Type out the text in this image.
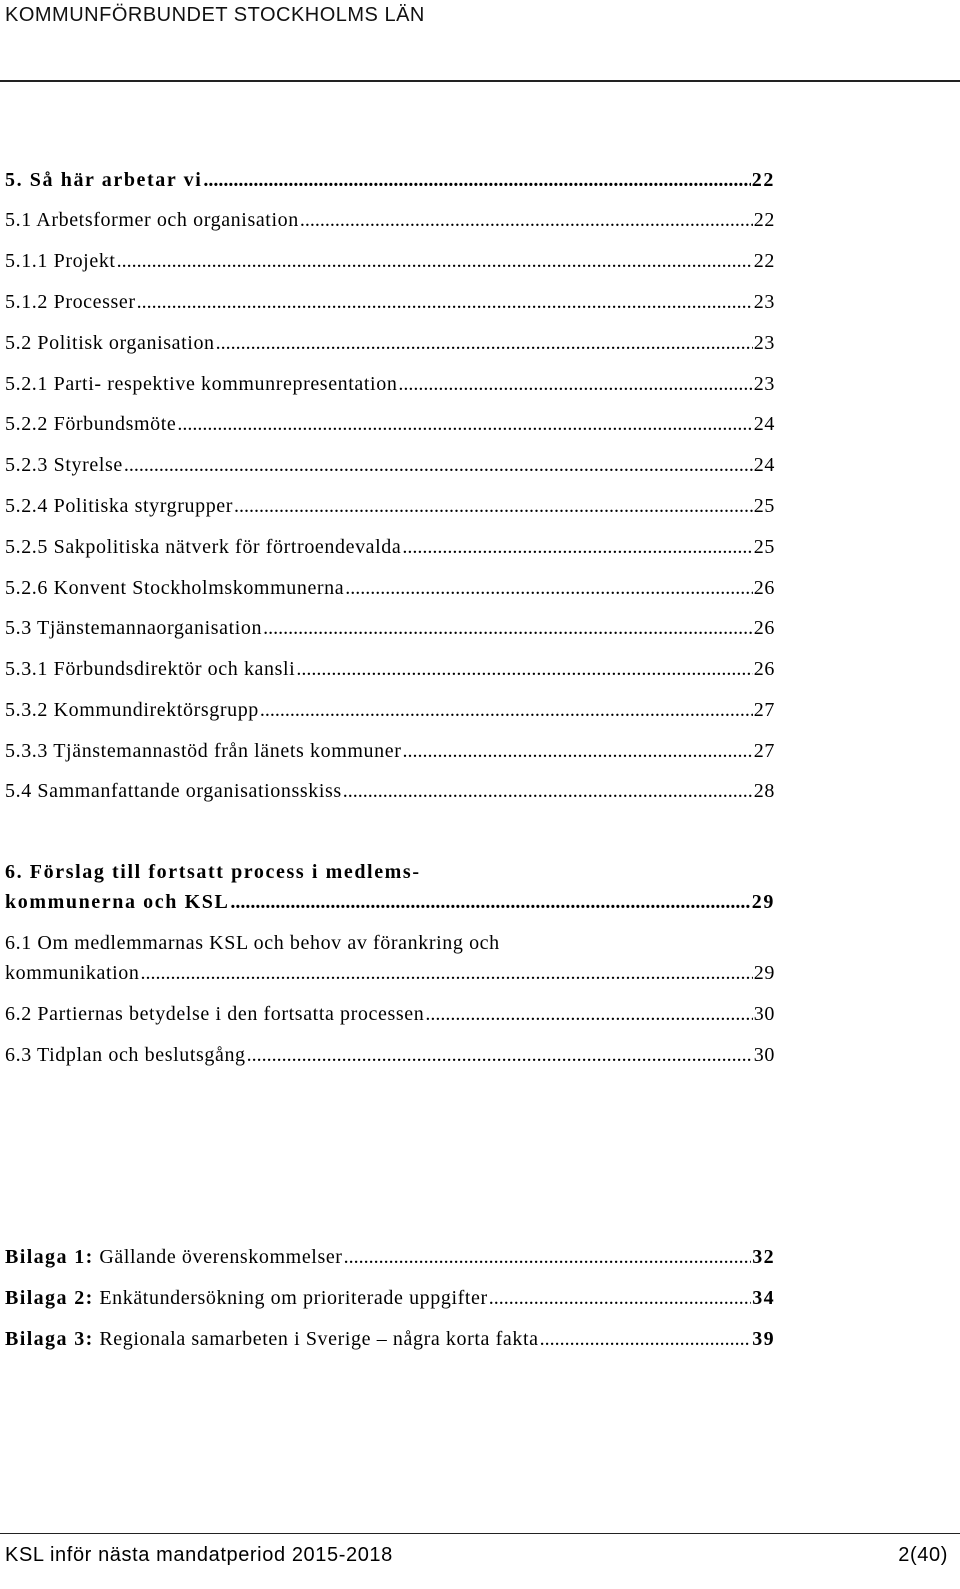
KOMMUNFÖRBUNDET STOCKHOLMS LÄN
5. Så här arbetar vi .....	22
5.1 Arbetsformer och organisation .....	22
5.1.1 Projekt .....	22
5.1.2 Processer .....	23
5.2 Politisk organisation .....	23
5.2.1 Parti- respektive kommunrepresentation .....	23
5.2.2 Förbundsmöte .....	24
5.2.3 Styrelse .....	24
5.2.4 Politiska styrgrupper .....	25
5.2.5 Sakpolitiska nätverk för förtroendevalda .....	25
5.2.6 Konvent Stockholmskommunerna .....	26
5.3 Tjänstemannaorganisation .....	26
5.3.1 Förbundsdirektör och kansli .....	26
5.3.2 Kommundirektörsgrupp .....	27
5.3.3 Tjänstemannastöd från länets kommuner .....	27
5.4 Sammanfattande organisationsskiss .....	28
6. Förslag till fortsatt process i medlems-
kommunerna och KSL .....	29
6.1 Om medlemmarnas KSL och behov av förankring och
kommunikation .....	29
6.2 Partiernas betydelse i den fortsatta processen .....	30
6.3 Tidplan och beslutsgång .....	30
Bilaga 1: Gällande överenskommelser .....	32
Bilaga 2: Enkätundersökning om prioriterade uppgifter .....	34
Bilaga 3: Regionala samarbeten i Sverige – några korta fakta .....	39
KSL inför nästa mandatperiod 2015-2018	2(40)
